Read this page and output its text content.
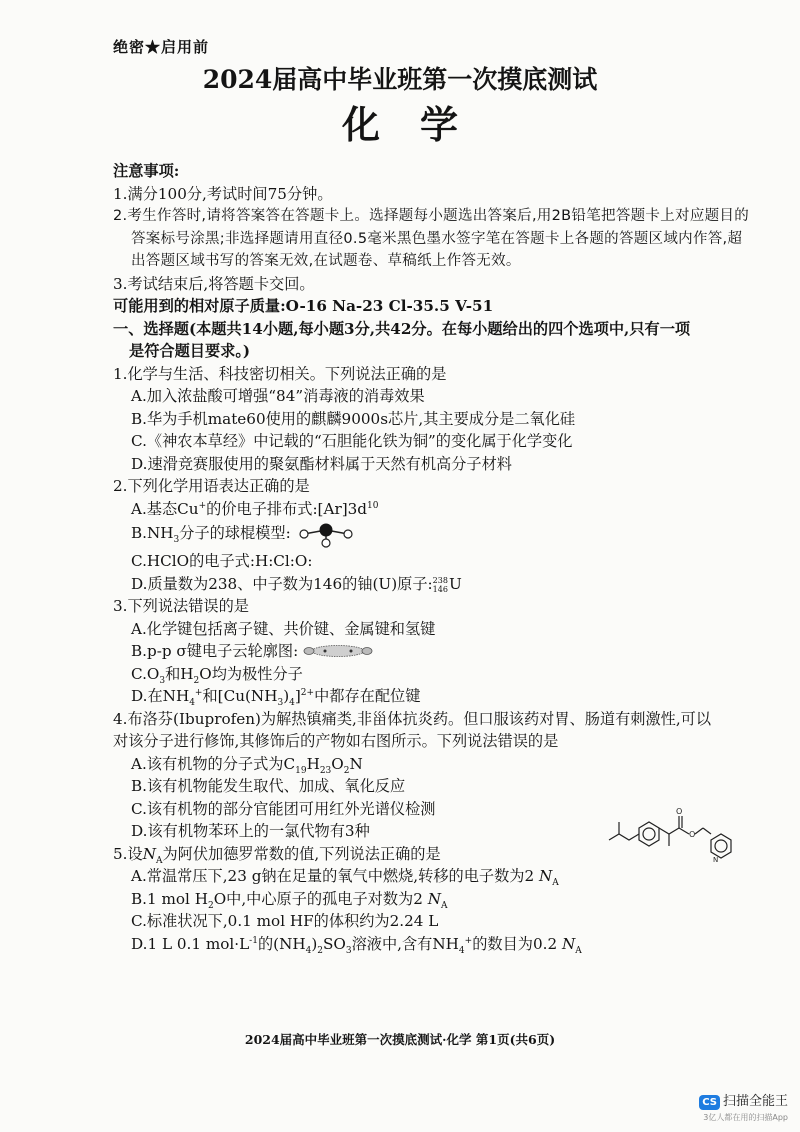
绝密★启用前
2024届高中毕业班第一次摸底测试
化学
注意事项:
1.满分100分,考试时间75分钟。
2.考生作答时,请将答案答在答题卡上。选择题每小题选出答案后,用2B铅笔把答题卡上对应题目的答案标号涂黑;非选择题请用直径0.5毫米黑色墨水签字笔在答题卡上各题的答题区域内作答,超出答题区域书写的答案无效,在试题卷、草稿纸上作答无效。
3.考试结束后,将答题卡交回。
可能用到的相对原子质量:O-16 Na-23 Cl-35.5 V-51
一、选择题(本题共14小题,每小题3分,共42分。在每小题给出的四个选项中,只有一项
是符合题目要求。)
1.化学与生活、科技密切相关。下列说法正确的是
A.加入浓盐酸可增强“84”消毒液的消毒效果
B.华为手机mate60使用的麒麟9000s芯片,其主要成分是二氧化硅
C.《神农本草经》中记载的“石胆能化铁为铜”的变化属于化学变化
D.速滑竞赛服使用的聚氨酯材料属于天然有机高分子材料
2.下列化学用语表达正确的是
A.基态Cu+的价电子排布式$:[Ar]3d^{10}$
$B.NH_3$分子的球棍模型:
C.HClO的电子式:H:Cl:O:
D.质量数为238、中子数为146的铀(U)原子:238
146U
3.下列说法错误的是
A.化学键包括离子键、共价键、金属键和氢键
B.p-p σ键电子云轮廓图:
$C.O_3$和$H_2O$均为极性分子
D.在$NH_4^+$和$[Cu(NH_3)_4]^{2+}$中都存在配位键
4.布洛芬(Ibuprofen)为解热镇痛类,非甾体抗炎药。但口服该药对胃、肠道有刺激性,可以
对该分子进行修饰,其修饰后的产物如右图所示。下列说法错误的是
A.该有机物的分子式为$C_{19}H_{23}O_2N$
B.该有机物能发生取代、加成、氧化反应
C.该有机物的部分官能团可用红外光谱仪检测
D.该有机物苯环上的一氯代物有3种
5.设$N_A$为阿伏加德罗常数的值,下列说法正确的是
A.常温常压下,23 g钠在足量的氧气中燃烧,转移的电子数为2 $N_A$
B.1 mol $H_2O$中,中心原子的孤电子对数为2 $N_A$
C.标准状况下,0.1 mol HF的体积约为2.24 L
D.1 L 0.1 $mol\cdot L^{-1}$的$(NH_4)_2SO_3$溶液中,含有$NH_4^+$的数目为0.2 $N_A$
O
O
N
2024届高中毕业班第一次摸底测试·化学 第1页(共6页)
CS 扫描全能王
3亿人都在用的扫描App
